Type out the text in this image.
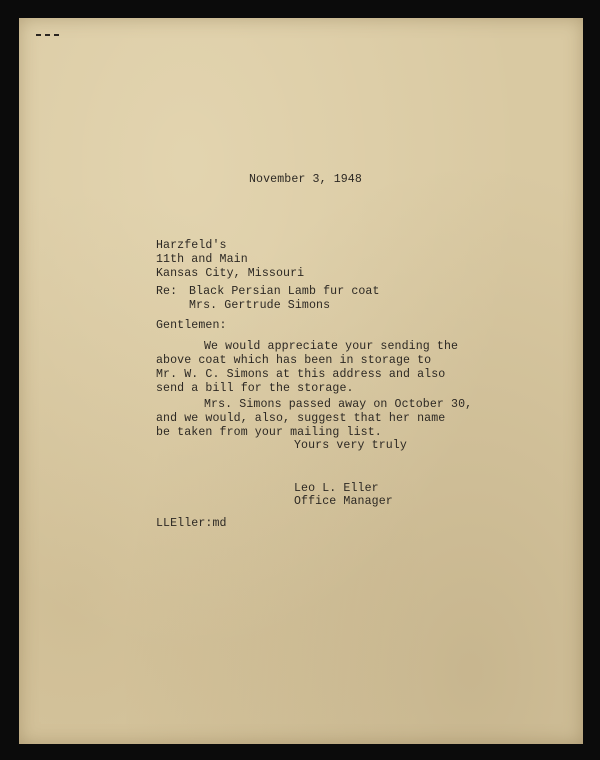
November 3, 1948
Harzfeld's
11th and Main
Kansas City, Missouri
Re: Black Persian Lamb fur coat
Mrs. Gertrude Simons
Gentlemen:
We would appreciate your sending the
above coat which has been in storage to
Mr. W. C. Simons at this address and also
send a bill for the storage.
Mrs. Simons passed away on October 30,
and we would, also, suggest that her name
be taken from your mailing list.
Yours very truly
Leo L. Eller
Office Manager
LLEller:md
